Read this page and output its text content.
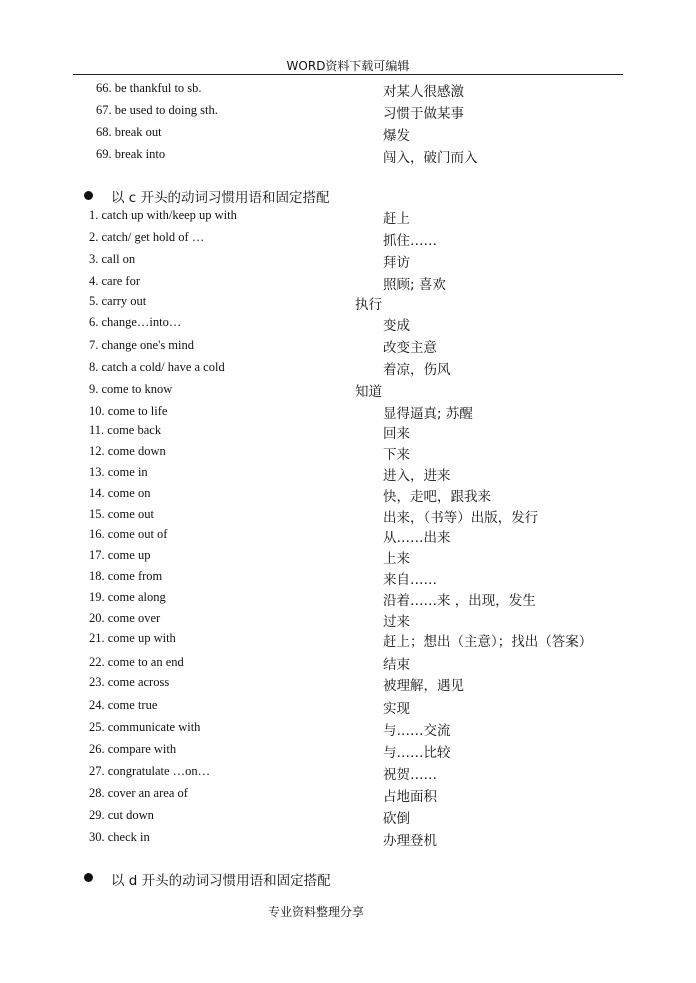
WORD资料下载可编辑
66. be thankful to sb.	对某人很感激
67. be used to doing sth.	习惯于做某事
68. break out	爆发
69. break into	闯入，破门而入
以 c 开头的动词习惯用语和固定搭配
1. catch up with/keep up with	赶上
2. catch/ get hold of …	抓住……
3. call on	拜访
4. care for	照顾; 喜欢
5. carry out	执行
6. change…into…	变成
7. change one's mind	改变主意
8. catch a cold/ have a cold	着凉，伤风
9. come to know	知道
10. come to life	显得逼真; 苏醒
11. come back	回来
12. come down	下来
13. come in	进入，进来
14. come on	快，走吧，跟我来
15. come out	出来，（书等）出版，发行
16. come out of	从……出来
17. come up	上来
18. come from	来自……
19. come along	沿着……来 ，出现，发生
20. come over	过来
21. come up with	赶上；想出（主意）；找出（答案）
22. come to an end	结束
23. come across	被理解，遇见
24. come true	实现
25. communicate with	与……交流
26. compare with	与……比较
27. congratulate …on…	祝贺……
28. cover an area of	占地面积
29. cut down	砍倒
30. check in	办理登机
以 d 开头的动词习惯用语和固定搭配
专业资料整理分享
